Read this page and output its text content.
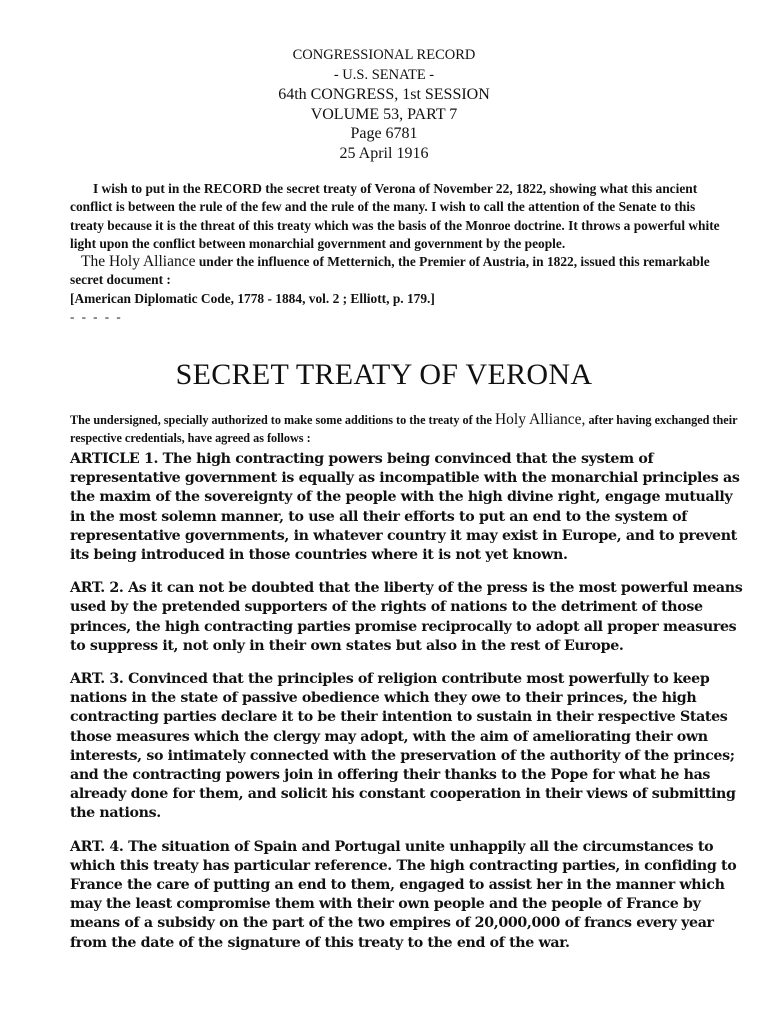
CONGRESSIONAL RECORD
- U.S. SENATE -
64th CONGRESS, 1st SESSION
VOLUME 53, PART 7
Page 6781
25 April 1916

I wish to put in the RECORD the secret treaty of Verona of November 22, 1822, showing what this ancient conflict is between the rule of the few and the rule of the many. I wish to call the attention of the Senate to this treaty because it is the threat of this treaty which was the basis of the Monroe doctrine. It throws a powerful white light upon the conflict between monarchial government and government by the people.

The Holy Alliance under the influence of Metternich, the Premier of Austria, in 1822, issued this remarkable secret document :

[American Diplomatic Code, 1778 - 1884, vol. 2 ; Elliott, p. 179.]

- - - - -

SECRET TREATY OF VERONA
The undersigned, specially authorized to make some additions to the treaty of the Holy Alliance, after having exchanged their respective credentials, have agreed as follows :

ARTICLE 1. The high contracting powers being convinced that the system of representative government is equally as incompatible with the monarchial principles as the maxim of the sovereignty of the people with the high divine right, engage mutually in the most solemn manner, to use all their efforts to put an end to the system of representative governments, in whatever country it may exist in Europe, and to prevent its being introduced in those countries where it is not yet known.

ART. 2. As it can not be doubted that the liberty of the press is the most powerful means used by the pretended supporters of the rights of nations to the detriment of those princes, the high contracting parties promise reciprocally to adopt all proper measures to suppress it, not only in their own states but also in the rest of Europe.

ART. 3. Convinced that the principles of religion contribute most powerfully to keep nations in the state of passive obedience which they owe to their princes, the high contracting parties declare it to be their intention to sustain in their respective States those measures which the clergy may adopt, with the aim of ameliorating their own interests, so intimately connected with the preservation of the authority of the princes; and the contracting powers join in offering their thanks to the Pope for what he has already done for them, and solicit his constant cooperation in their views of submitting the nations.

ART. 4. The situation of Spain and Portugal unite unhappily all the circumstances to which this treaty has particular reference. The high contracting parties, in confiding to France the care of putting an end to them, engaged to assist her in the manner which may the least compromise them with their own people and the people of France by means of a subsidy on the part of the two empires of 20,000,000 of francs every year from the date of the signature of this treaty to the end of the war.
